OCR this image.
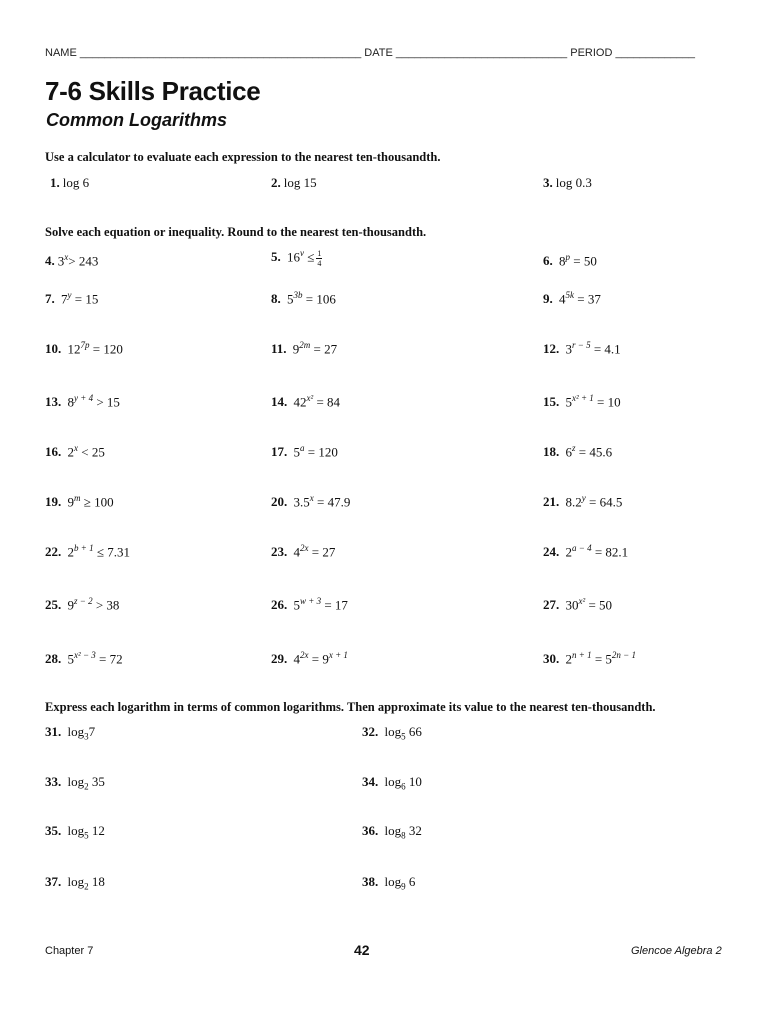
NAME ______________________________________________ DATE ____________________________ PERIOD _____________
7-6 Skills Practice
Common Logarithms
Use a calculator to evaluate each expression to the nearest ten-thousandth.
1. log 6	2. log 15	3. log 0.3
Solve each equation or inequality. Round to the nearest ten-thousandth.
4. $3^x> 243$	5. $16^v \le \frac{1}{4}$	6. $8^p = 50$
7. $7^y = 15$	8. $5^{3b} = 106$	9. $4^{5k} = 37$
10. $12^{7p} = 120$	11. $9^{2m} = 27$	12. $3^{r - 5} = 4.1$
13. $8^{y + 4} > 15$	14. $42^{x^2} = 84$	15. $5^{x^2 + 1} = 10$
16. $2^x < 25$	17. $5^a = 120$	18. $6^z = 45.6$
19. $9^m \ge 100$	20. $3.5^x = 47.9$	21. $8.2^y = 64.5$
22. $2^{b + 1} \le 7.31$	23. $4^{2x} = 27$	24. $2^{a - 4} = 82.1$
25. $9^{z - 2} > 38$	26. $5^{w + 3} = 17$	27. $30^{x^2} = 50$
28. $5^{x^2 - 3} = 72$	29. $4^{2x} = 9^{x + 1}$	30. $2^{n + 1} = 5^{2n - 1}$
Express each logarithm in terms of common logarithms. Then approximate its value to the nearest ten-thousandth.
31. $\log_37$	32. $\log_5 66$
33. $\log_2 35$	34. $\log_6 10$
35. $\log_5 12$	36. $\log_8 32$
37. $\log_2 18$	38. $\log_9 6$
Chapter 7	42	Glencoe Algebra 2
